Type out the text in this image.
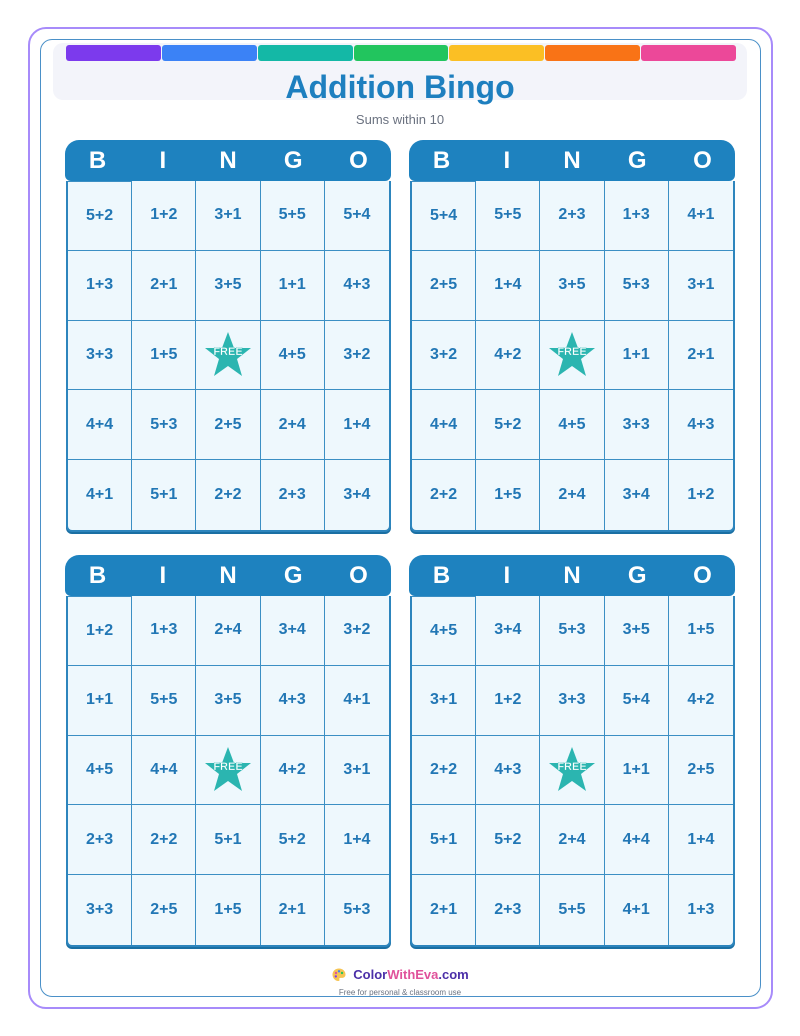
Addition Bingo
Sums within 10
B	I	N	G	O
5+2	1+2	3+1	5+5	5+4
1+3	2+1	3+5	1+1	4+3
3+3	1+5	FREE	4+5	3+2
4+4	5+3	2+5	2+4	1+4
4+1	5+1	2+2	2+3	3+4
B	I	N	G	O
5+4	5+5	2+3	1+3	4+1
2+5	1+4	3+5	5+3	3+1
3+2	4+2	FREE	1+1	2+1
4+4	5+2	4+5	3+3	4+3
2+2	1+5	2+4	3+4	1+2
B	I	N	G	O
1+2	1+3	2+4	3+4	3+2
1+1	5+5	3+5	4+3	4+1
4+5	4+4	FREE	4+2	3+1
2+3	2+2	5+1	5+2	1+4
3+3	2+5	1+5	2+1	5+3
B	I	N	G	O
4+5	3+4	5+3	3+5	1+5
3+1	1+2	3+3	5+4	4+2
2+2	4+3	FREE	1+1	2+5
5+1	5+2	2+4	4+4	1+4
2+1	2+3	5+5	4+1	1+3
ColorWithEva.com
Free for personal & classroom use
